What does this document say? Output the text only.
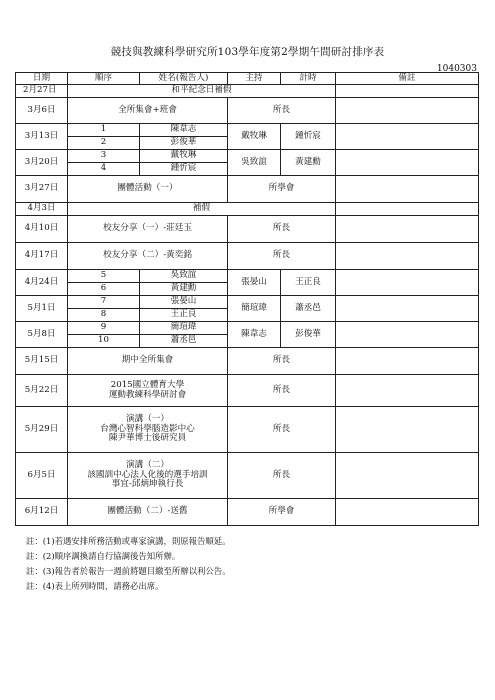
競技與教練科學研究所103學年度第2學期午間研討排序表
1040303
日期	順序	姓名(報告人)	主持	計時	備註
2月27日	和平紀念日補假				
3月6日	全所集會+班會		所長		
3月13日	1	陳韋志	戴牧琳	鍾忻宸	
	2	彭俊華			
3月20日	3	戴牧琳	吳致誼	黃建勳	
	4	鍾忻宸			
3月27日	團體活動（一）		所學會		
4月3日	補假				
4月10日	校友分享（一）-莊廷玉		所長		
4月17日	校友分享（二）-黃奕銘		所長		
4月24日	5	吳致誼	張晏山	王正良	
	6	黃建勳			
5月1日	7	張晏山	簡瑄瑋	蕭丞邑	
	8	王正良			
5月8日	9	簡瑄瑋	陳韋志	彭俊華	
	10	蕭丞邑			
5月15日	期中全所集會		所長		
5月22日	2015國立體育大學
運動教練科學研討會		所長		
5月29日	演講（一）
台灣心智科學腦造影中心
陳尹華博士後研究員		所長		
6月5日	演講（二）
該國訓中心法人化後的選手培訓
事宜-邱炳坤執行長		所長		
6月12日	團體活動（二）-送舊		所學會		
註：(1)若遇安排所務活動或專家演講，則原報告順延。
註：(2)順序調換請自行協調後告知所辦。
註：(3)報告者於報告一週前將題目繳至所辦以利公告。
註：(4)表上所列時間，請務必出席。
